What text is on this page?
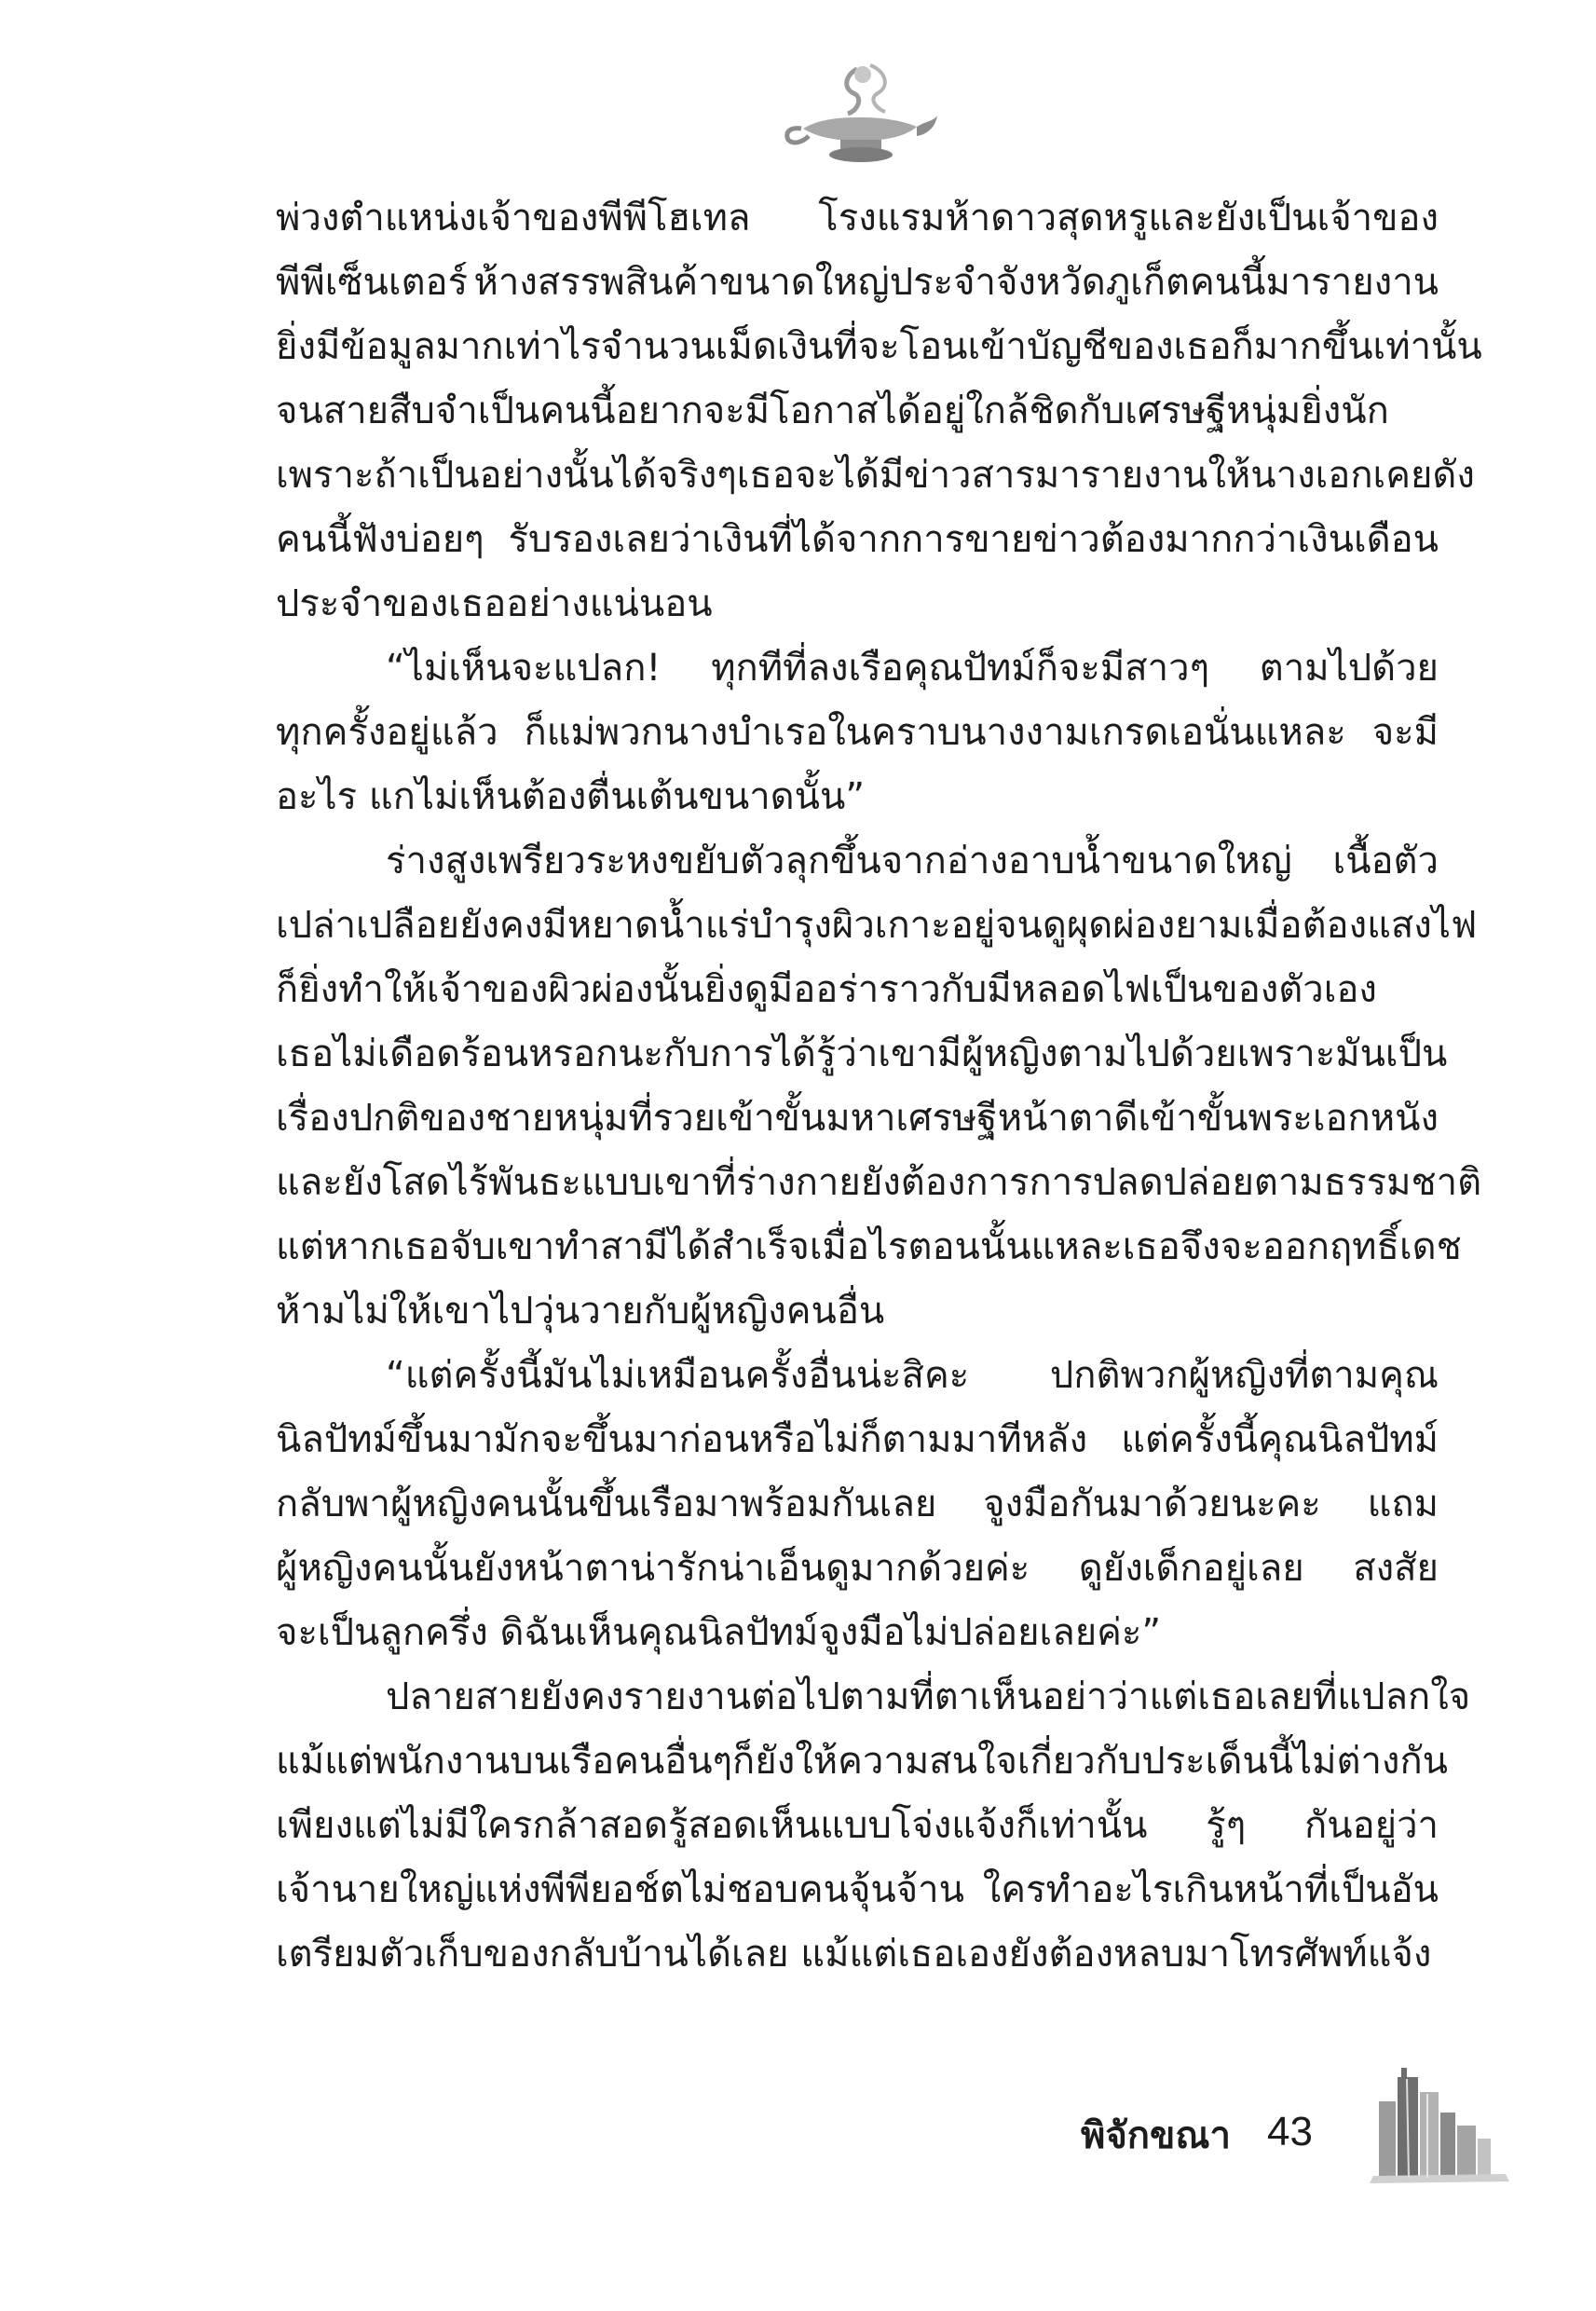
พ่วงตำแหน่งเจ้าของพีพีโฮเทล โรงแรมห้าดาวสุดหรูและยังเป็นเจ้าของ
พีพีเซ็นเตอร์ ห้างสรรพสินค้าขนาดใหญ่ประจำจังหวัดภูเก็ตคนนี้มารายงาน
ยิ่งมีข้อมูลมากเท่าไร จำนวนเม็ดเงินที่จะโอนเข้าบัญชีของเธอก็มากขึ้นเท่านั้น
จนสายสืบจำเป็นคนนี้อยากจะมีโอกาสได้อยู่ใกล้ชิดกับเศรษฐีหนุ่มยิ่งนัก
เพราะถ้าเป็นอย่างนั้นได้จริงๆ เธอจะได้มีข่าวสารมารายงานให้นางเอกเคยดัง
คนนี้ฟังบ่อยๆ รับรองเลยว่าเงินที่ได้จากการขายข่าวต้องมากกว่าเงินเดือน
ประจำของเธออย่างแน่นอน
“ไม่เห็นจะแปลก! ทุกทีที่ลงเรือคุณปัทม์ก็จะมีสาวๆ ตามไปด้วย
ทุกครั้งอยู่แล้ว ก็แม่พวกนางบำเรอในคราบนางงามเกรดเอนั่นแหละ จะมี
อะไร แกไม่เห็นต้องตื่นเต้นขนาดนั้น”
ร่างสูงเพรียวระหงขยับตัวลุกขึ้นจากอ่างอาบน้ำขนาดใหญ่ เนื้อตัว
เปล่าเปลือยยังคงมีหยาดน้ำแร่บำรุงผิวเกาะอยู่จนดูผุดผ่อง ยามเมื่อต้องแสงไฟ
ก็ยิ่งทำให้เจ้าของผิวผ่องนั้นยิ่งดูมีออร่าราวกับมีหลอดไฟเป็นของตัวเอง
เธอไม่เดือดร้อนหรอกนะกับการได้รู้ว่าเขามีผู้หญิงตามไปด้วย เพราะมันเป็น
เรื่องปกติของชายหนุ่มที่รวยเข้าขั้นมหาเศรษฐี หน้าตาดีเข้าขั้นพระเอกหนัง
และยังโสดไร้พันธะแบบเขาที่ร่างกายยังต้องการการปลดปล่อยตามธรรมชาติ
แต่หากเธอจับเขาทำสามีได้สำเร็จเมื่อไร ตอนนั้นแหละเธอจึงจะออกฤทธิ์เดช
ห้ามไม่ให้เขาไปวุ่นวายกับผู้หญิงคนอื่น
“แต่ครั้งนี้มันไม่เหมือนครั้งอื่นน่ะสิคะ ปกติพวกผู้หญิงที่ตามคุณ
นิลปัทม์ขึ้นมามักจะขึ้นมาก่อนหรือไม่ก็ตามมาทีหลัง แต่ครั้งนี้คุณนิลปัทม์
กลับพาผู้หญิงคนนั้นขึ้นเรือมาพร้อมกันเลย จูงมือกันมาด้วยนะคะ แถม
ผู้หญิงคนนั้นยังหน้าตาน่ารักน่าเอ็นดูมากด้วยค่ะ ดูยังเด็กอยู่เลย สงสัย
จะเป็นลูกครึ่ง ดิฉันเห็นคุณนิลปัทม์จูงมือไม่ปล่อยเลยค่ะ”
ปลายสายยังคงรายงานต่อไปตามที่ตาเห็น อย่าว่าแต่เธอเลยที่แปลกใจ
แม้แต่พนักงานบนเรือคนอื่นๆ ก็ยังให้ความสนใจเกี่ยวกับประเด็นนี้ไม่ต่างกัน
เพียงแต่ไม่มีใครกล้าสอดรู้สอดเห็นแบบโจ่งแจ้งก็เท่านั้น รู้ๆ กันอยู่ว่า
เจ้านายใหญ่แห่งพีพียอช์ตไม่ชอบคนจุ้นจ้าน ใครทำอะไรเกินหน้าที่เป็นอัน
เตรียมตัวเก็บของกลับบ้านได้เลย แม้แต่เธอเองยังต้องหลบมาโทรศัพท์แจ้ง
พิจักขณา 43
